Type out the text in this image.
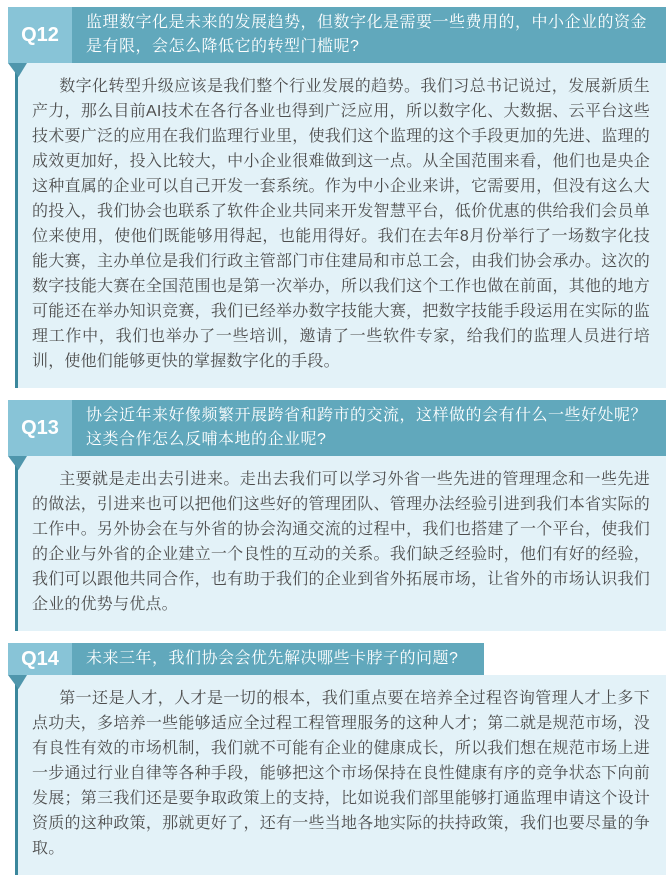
Q12
监理数字化是未来的发展趋势，但数字化是需要一些费用的，中小企业的资金是有限，会怎么降低它的转型门槛呢?

数字化转型升级应该是我们整个行业发展的趋势。我们习总书记说过，发展新质生产力，那么目前AI技术在各行各业也得到广泛应用，所以数字化、大数据、云平台这些技术要广泛的应用在我们监理行业里，使我们这个监理的这个手段更加的先进、监理的成效更加好，投入比较大，中小企业很难做到这一点。从全国范围来看，他们也是央企这种直属的企业可以自己开发一套系统。作为中小企业来讲，它需要用，但没有这么大的投入，我们协会也联系了软件企业共同来开发智慧平台，低价优惠的供给我们会员单位来使用，使他们既能够用得起，也能用得好。我们在去年8月份举行了一场数字化技能大赛，主办单位是我们行政主管部门市住建局和市总工会，由我们协会承办。这次的数字技能大赛在全国范围也是第一次举办，所以我们这个工作也做在前面，其他的地方可能还在举办知识竞赛，我们已经举办数字技能大赛，把数字技能手段运用在实际的监理工作中，我们也举办了一些培训，邀请了一些软件专家，给我们的监理人员进行培训，使他们能够更快的掌握数字化的手段。

Q13
协会近年来好像频繁开展跨省和跨市的交流，这样做的会有什么一些好处呢？这类合作怎么反哺本地的企业呢?

主要就是走出去引进来。走出去我们可以学习外省一些先进的管理理念和一些先进的做法，引进来也可以把他们这些好的管理团队、管理办法经验引进到我们本省实际的工作中。另外协会在与外省的协会沟通交流的过程中，我们也搭建了一个平台，使我们的企业与外省的企业建立一个良性的互动的关系。我们缺乏经验时，他们有好的经验，我们可以跟他共同合作，也有助于我们的企业到省外拓展市场，让省外的市场认识我们企业的优势与优点。

Q14	未来三年，我们协会会优先解决哪些卡脖子的问题?

第一还是人才，人才是一切的根本，我们重点要在培养全过程咨询管理人才上多下点功夫，多培养一些能够适应全过程工程管理服务的这种人才；第二就是规范市场，没有良性有效的市场机制，我们就不可能有企业的健康成长，所以我们想在规范市场上进一步通过行业自律等各种手段，能够把这个市场保持在良性健康有序的竞争状态下向前发展；第三我们还是要争取政策上的支持，比如说我们部里能够打通监理申请这个设计资质的这种政策，那就更好了，还有一些当地各地实际的扶持政策，我们也要尽量的争取。
